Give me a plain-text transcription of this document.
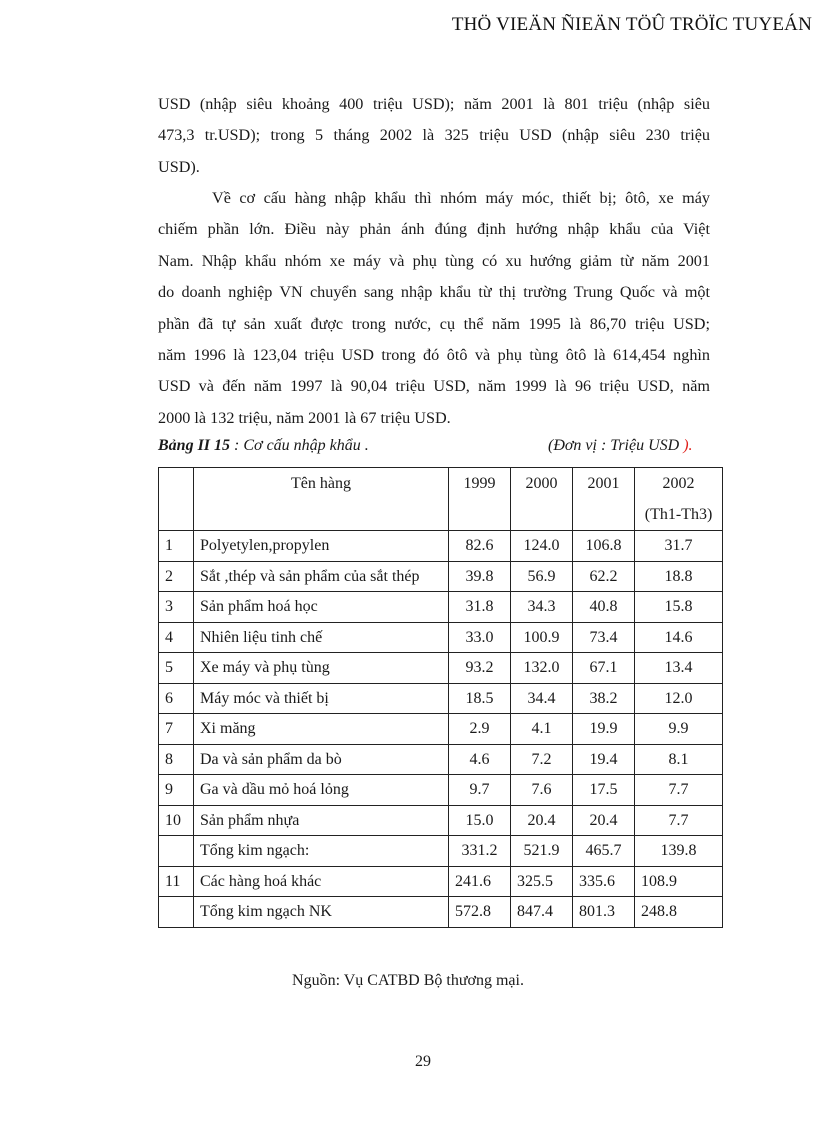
THÖ VIEÄN ÑIEÄN TÖÛ TRÖÏC TUYEÁN
USD (nhập siêu khoảng 400 triệu USD); năm 2001 là 801 triệu (nhập siêu
473,3 tr.USD); trong 5 tháng 2002 là 325 triệu USD (nhập siêu 230 triệu
USD).
Về cơ cấu hàng nhập khẩu thì nhóm máy móc, thiết bị; ôtô, xe máy
chiếm phần lớn. Điều này phản ánh đúng định hướng nhập khẩu của Việt
Nam. Nhập khẩu nhóm xe máy và phụ tùng có xu hướng giảm từ năm 2001
do doanh nghiệp VN chuyển sang nhập khẩu từ thị trường Trung Quốc và một
phần đã tự sản xuất được trong nước, cụ thể năm 1995 là 86,70 triệu USD;
năm 1996 là 123,04 triệu USD trong đó ôtô và phụ tùng ôtô là 614,454 nghìn
USD và đến năm 1997 là 90,04 triệu USD, năm 1999 là 96 triệu USD, năm
2000 là 132 triệu, năm 2001 là 67 triệu USD.
Bảng II 15 : Cơ cấu nhập khẩu .	(Đơn vị : Triệu USD ).
	Tên hàng	1999	2000	2001	2002
(Th1-Th3)

1	Polyetylen,propylen	82.6	124.0	106.8	31.7
2	Sắt ,thép và sản phẩm của sắt thép	39.8	56.9	62.2	18.8
3	Sản phẩm hoá học	31.8	34.3	40.8	15.8
4	Nhiên liệu tinh chế	33.0	100.9	73.4	14.6
5	Xe máy và phụ tùng	93.2	132.0	67.1	13.4
6	Máy móc và thiết bị	18.5	34.4	38.2	12.0
7	Xi măng	2.9	4.1	19.9	9.9
8	Da và sản phẩm da bò	4.6	7.2	19.4	8.1
9	Ga và dầu mỏ hoá lỏng	9.7	7.6	17.5	7.7
10	Sản phẩm nhựa	15.0	20.4	20.4	7.7
	Tổng kim ngạch:	331.2	521.9	465.7	139.8
11	Các hàng hoá khác	241.6	325.5	335.6	108.9
	Tổng kim ngạch NK	572.8	847.4	801.3	248.8
Nguồn: Vụ CATBD Bộ thương mại.
29
